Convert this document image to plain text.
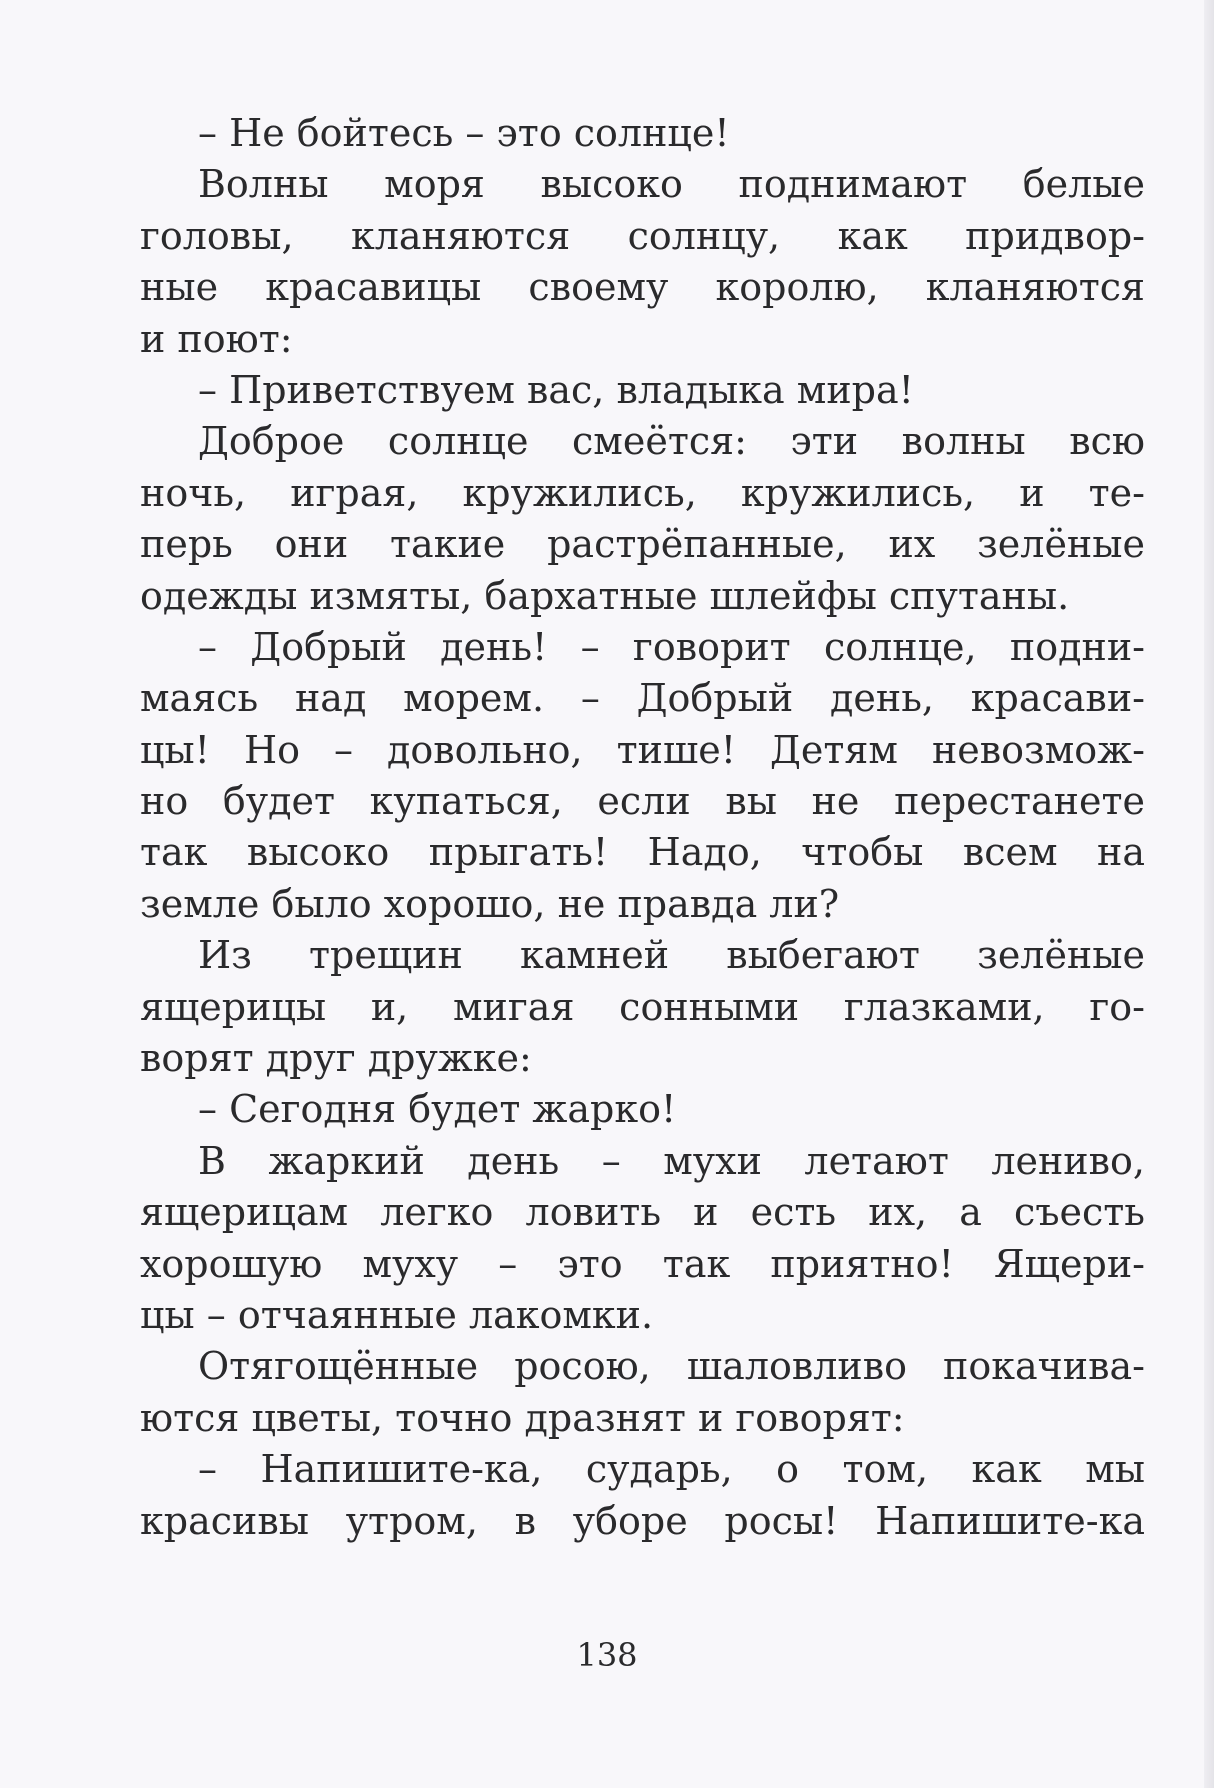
– Не бойтесь – это солнце!
Волны моря высоко поднимают белые
головы, кланяются солнцу, как придвор-
ные красавицы своему королю, кланяются
и поют:
– Приветствуем вас, владыка мира!
Доброе солнце смеётся: эти волны всю
ночь, играя, кружились, кружились, и те-
перь они такие растрёпанные, их зелёные
одежды измяты, бархатные шлейфы спутаны.
– Добрый день! – говорит солнце, подни-
маясь над морем. – Добрый день, красави-
цы! Но – довольно, тише! Детям невозмож-
но будет купаться, если вы не перестанете
так высоко прыгать! Надо, чтобы всем на
земле было хорошо, не правда ли?
Из трещин камней выбегают зелёные
ящерицы и, мигая сонными глазками, го-
ворят друг дружке:
– Сегодня будет жарко!
В жаркий день – мухи летают лениво,
ящерицам легко ловить и есть их, а съесть
хорошую муху – это так приятно! Ящери-
цы – отчаянные лакомки.
Отягощённые росою, шаловливо покачива-
ются цветы, точно дразнят и говорят:
– Напишите-ка, сударь, о том, как мы
красивы утром, в уборе росы! Напишите-ка
138
